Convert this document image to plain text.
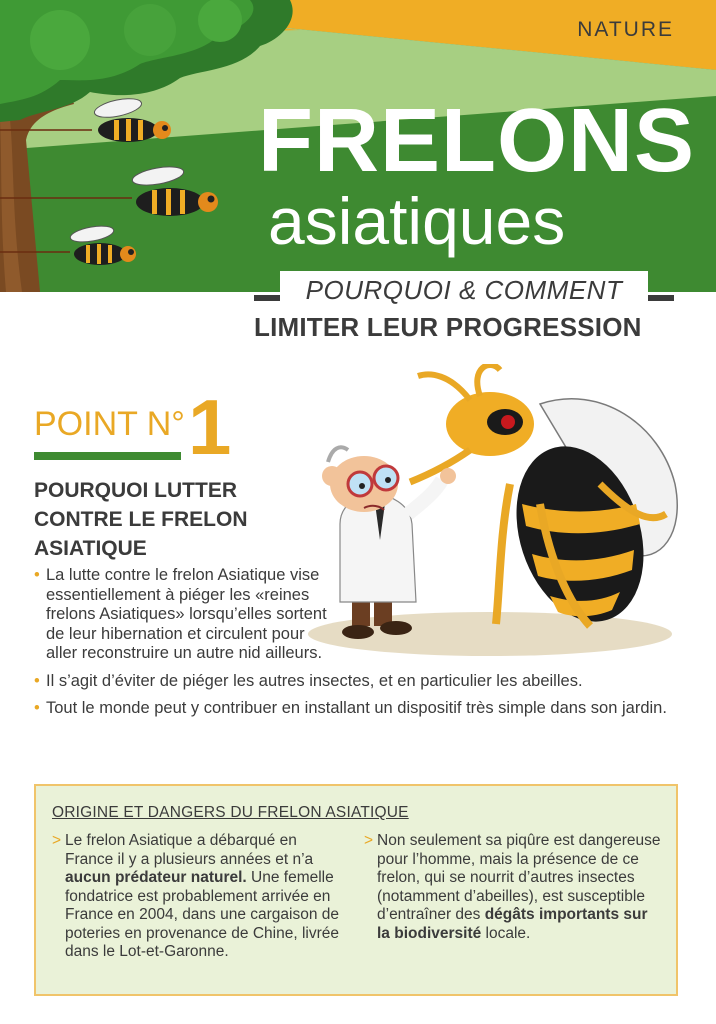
NATURE
FRELONS
asiatiques
POURQUOI & COMMENT
LIMITER LEUR PROGRESSION
POINT N° 1
POURQUOI LUTTER CONTRE LE FRELON ASIATIQUE
• La lutte contre le frelon Asiatique vise essentiellement à piéger les «reines frelons Asiatiques» lorsqu’elles sortent de leur hibernation et circulent pour aller reconstruire un autre nid ailleurs.
• Il s’agit d’éviter de piéger les autres insectes, et en particulier les abeilles.
• Tout le monde peut y contribuer en installant un dispositif très simple dans son jardin.
ORIGINE ET DANGERS DU FRELON ASIATIQUE
> Le frelon Asiatique a débarqué en France il y a plusieurs années et n’a aucun prédateur naturel. Une femelle fondatrice est probablement arrivée en France en 2004, dans une cargaison de poteries en provenance de Chine, livrée dans le Lot-et-Garonne.
> Non seulement sa piqûre est dangereuse pour l’homme, mais la présence de ce frelon, qui se nourrit d’autres insectes (notamment d’abeilles), est susceptible d’entraîner des dégâts importants sur la biodiversité locale.
